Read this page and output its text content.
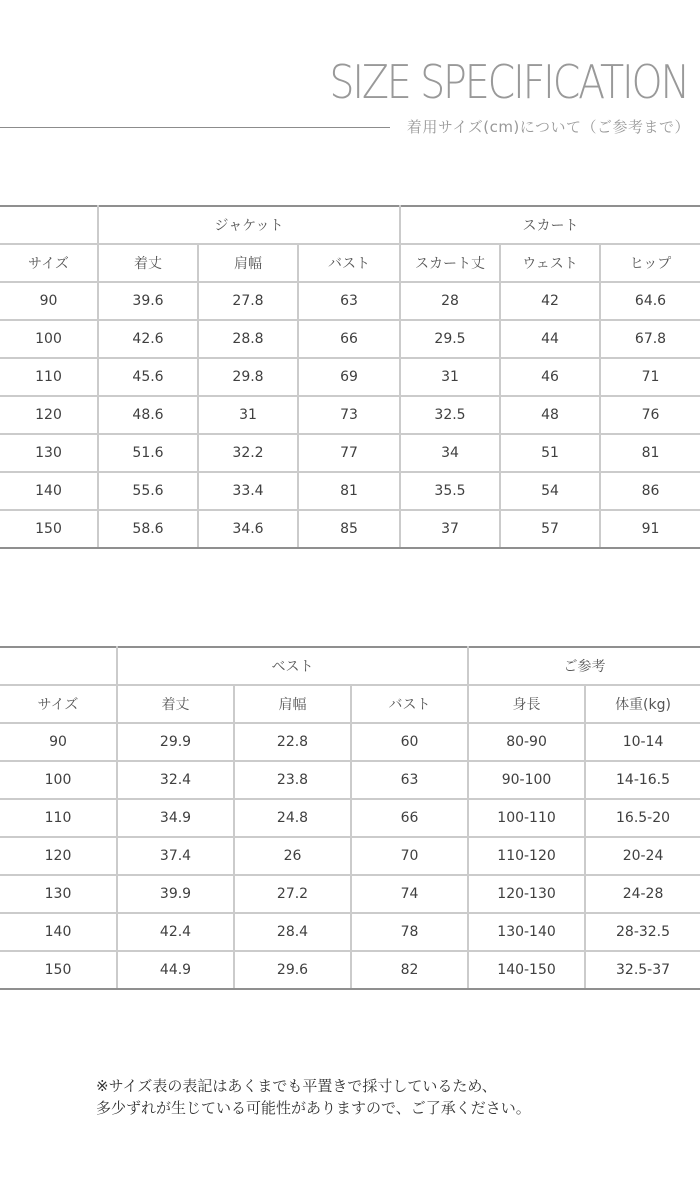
SIZE SPECIFICATION
着用サイズ(cm)について（ご参考まで）
	ジャケット			スカート		
サイズ	着丈	肩幅	バスト	スカート丈	ウェスト	ヒップ
90	39.6	27.8	63	28	42	64.6
100	42.6	28.8	66	29.5	44	67.8
110	45.6	29.8	69	31	46	71
120	48.6	31	73	32.5	48	76
130	51.6	32.2	77	34	51	81
140	55.6	33.4	81	35.5	54	86
150	58.6	34.6	85	37	57	91
	ベスト			ご参考	
サイズ	着丈	肩幅	バスト	身長	体重(kg)
90	29.9	22.8	60	80-90	10-14
100	32.4	23.8	63	90-100	14-16.5
110	34.9	24.8	66	100-110	16.5-20
120	37.4	26	70	110-120	20-24
130	39.9	27.2	74	120-130	24-28
140	42.4	28.4	78	130-140	28-32.5
150	44.9	29.6	82	140-150	32.5-37
※サイズ表の表記はあくまでも平置きで採寸しているため、
多少ずれが生じている可能性がありますので、ご了承ください。
